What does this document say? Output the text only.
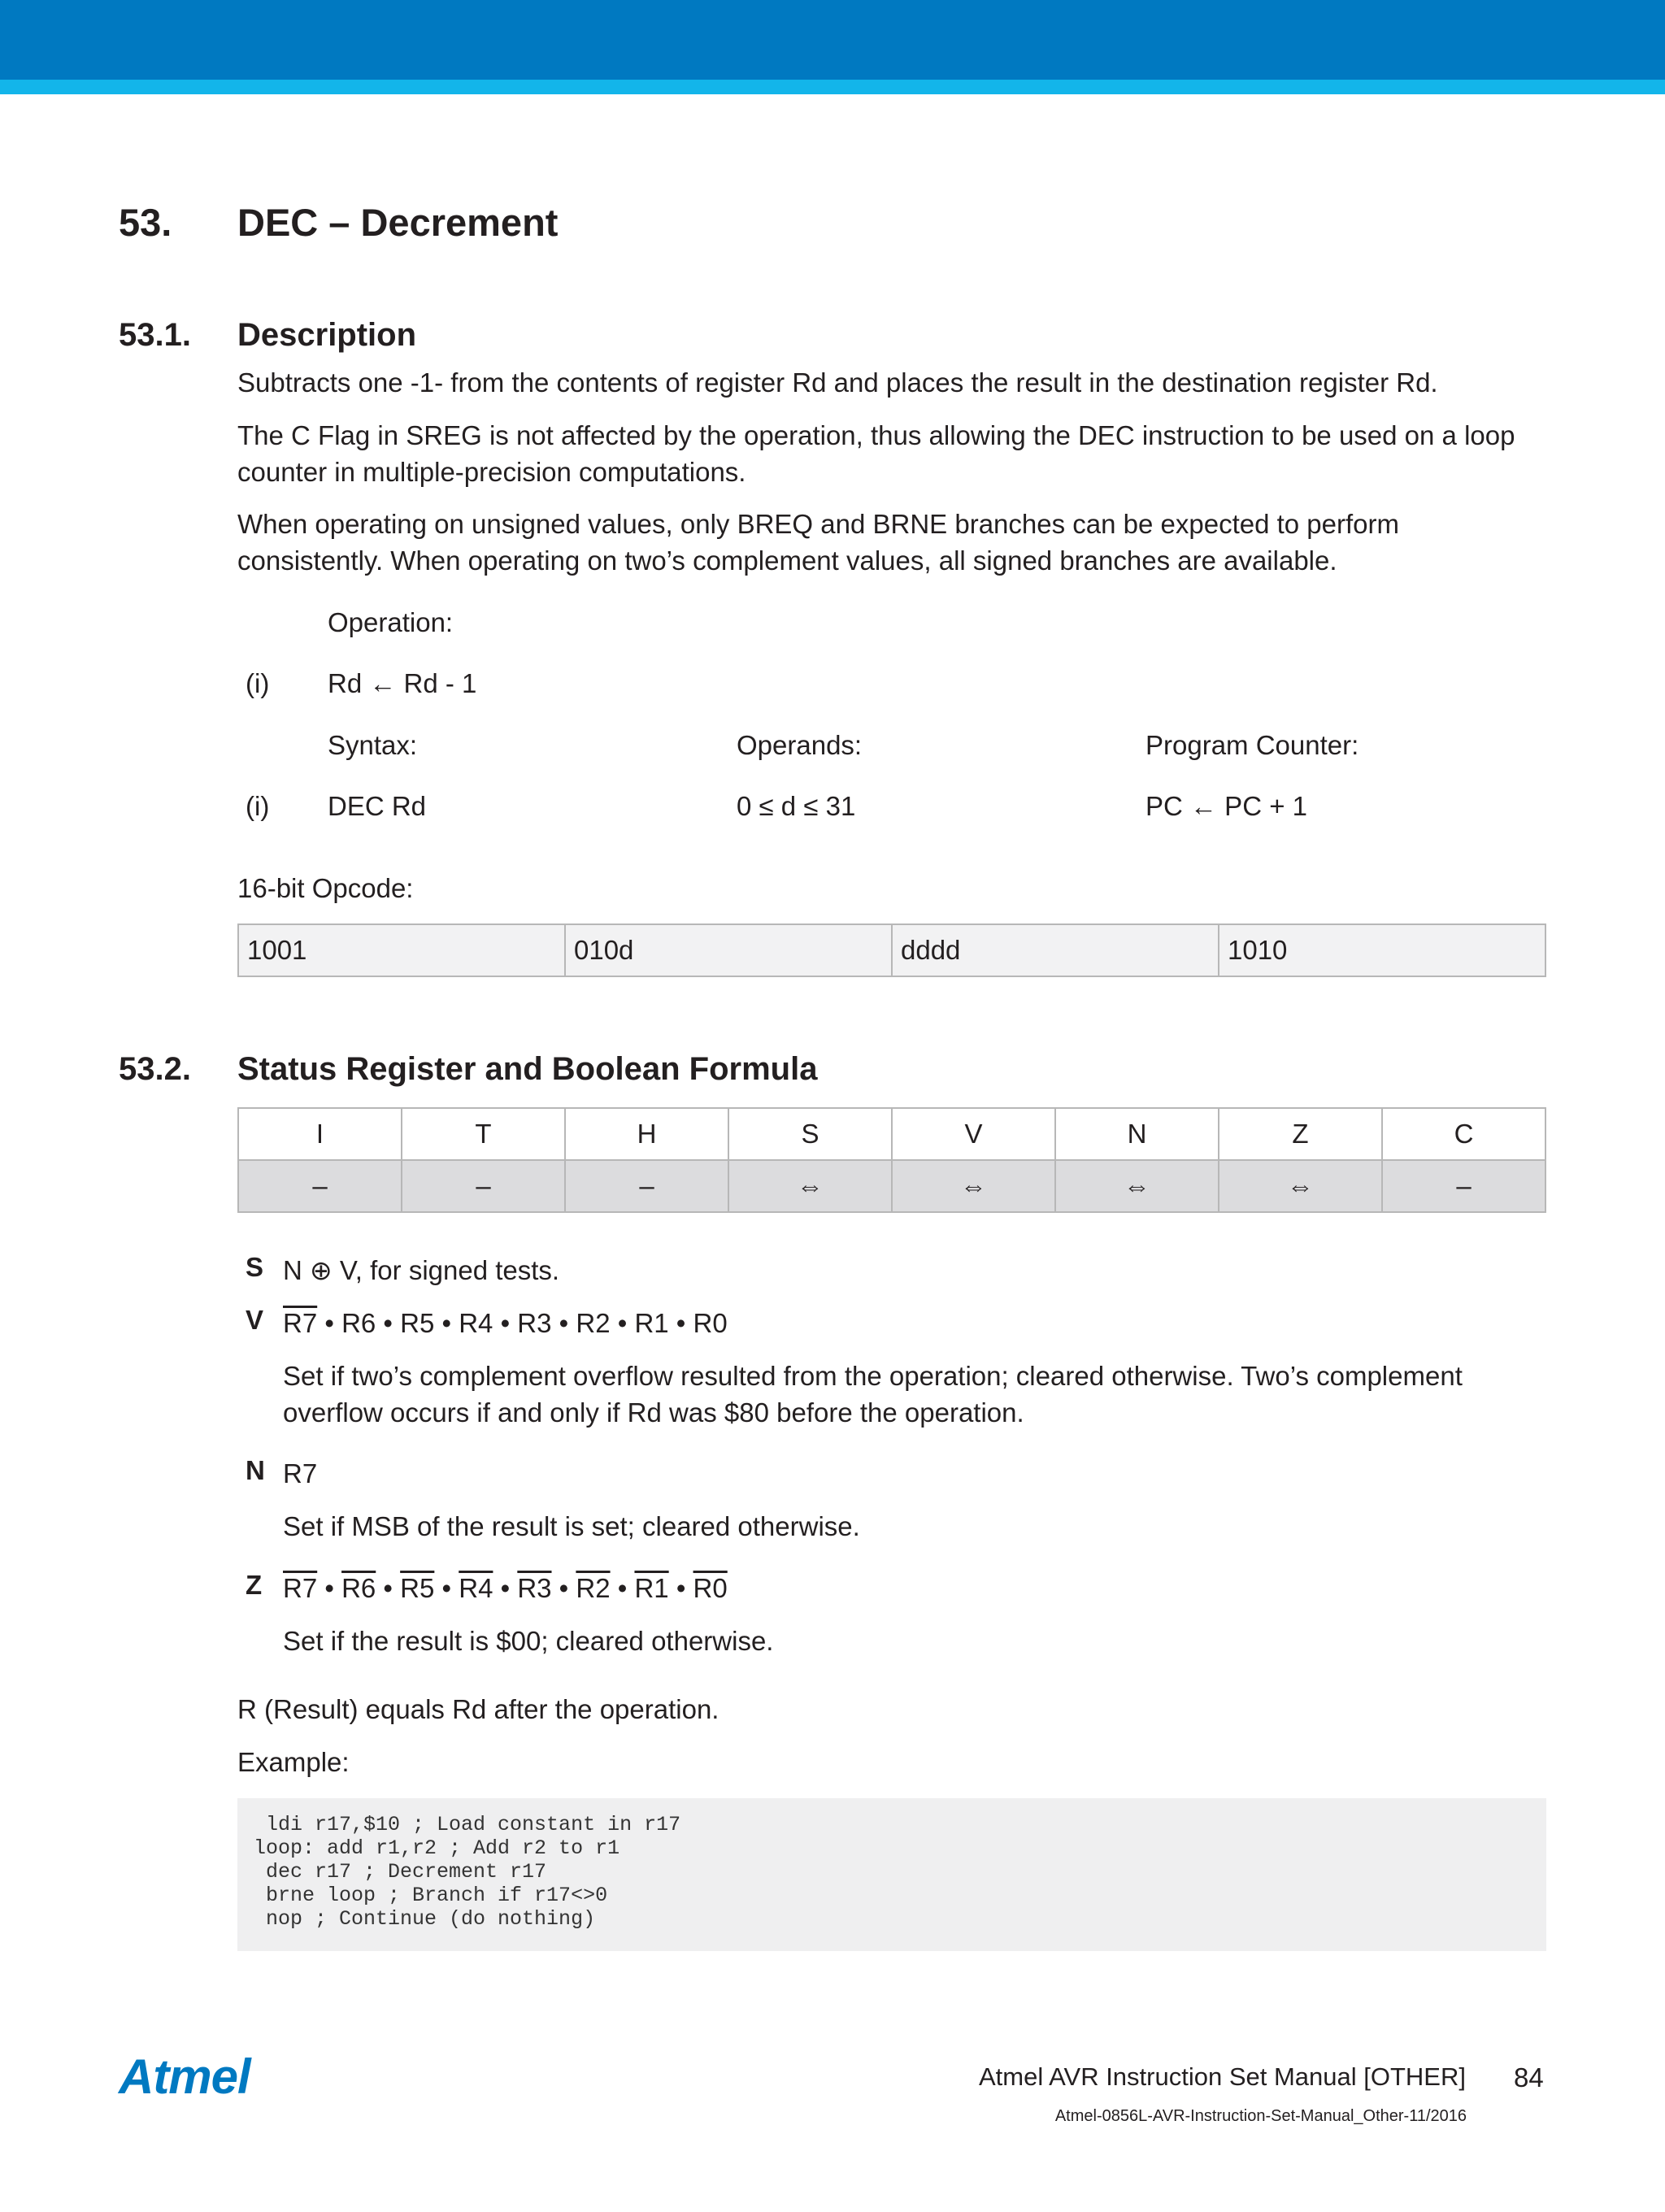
53. DEC – Decrement
53.1. Description
Subtracts one -1- from the contents of register Rd and places the result in the destination register Rd.
The C Flag in SREG is not affected by the operation, thus allowing the DEC instruction to be used on a loop counter in multiple-precision computations.
When operating on unsigned values, only BREQ and BRNE branches can be expected to perform consistently. When operating on two’s complement values, all signed branches are available.
Operation:
(i) Rd ← Rd - 1
Syntax:	Operands:	Program Counter:
(i) DEC Rd	0 ≤ d ≤ 31	PC ← PC + 1
16-bit Opcode:
1001	010d	dddd	1010
53.2. Status Register and Boolean Formula
I	T	H	S	V	N	Z	C
–	–	–	⇔	⇔	⇔	⇔	–
S N ⊕ V, for signed tests.
V R7 • R6 • R5 • R4 • R3 • R2 • R1 • R0
Set if two’s complement overflow resulted from the operation; cleared otherwise. Two’s complement overflow occurs if and only if Rd was $80 before the operation.
N R7
Set if MSB of the result is set; cleared otherwise.
Z R7 • R6 • R5 • R4 • R3 • R2 • R1 • R0
Set if the result is $00; cleared otherwise.
R (Result) equals Rd after the operation.
Example:
ldi r17,$10 ; Load constant in r17
loop: add r1,r2 ; Add r2 to r1
dec r17 ; Decrement r17
brne loop ; Branch if r17<>0
nop ; Continue (do nothing)
Atmel	Atmel AVR Instruction Set Manual [OTHER] 84
Atmel-0856L-AVR-Instruction-Set-Manual_Other-11/2016
